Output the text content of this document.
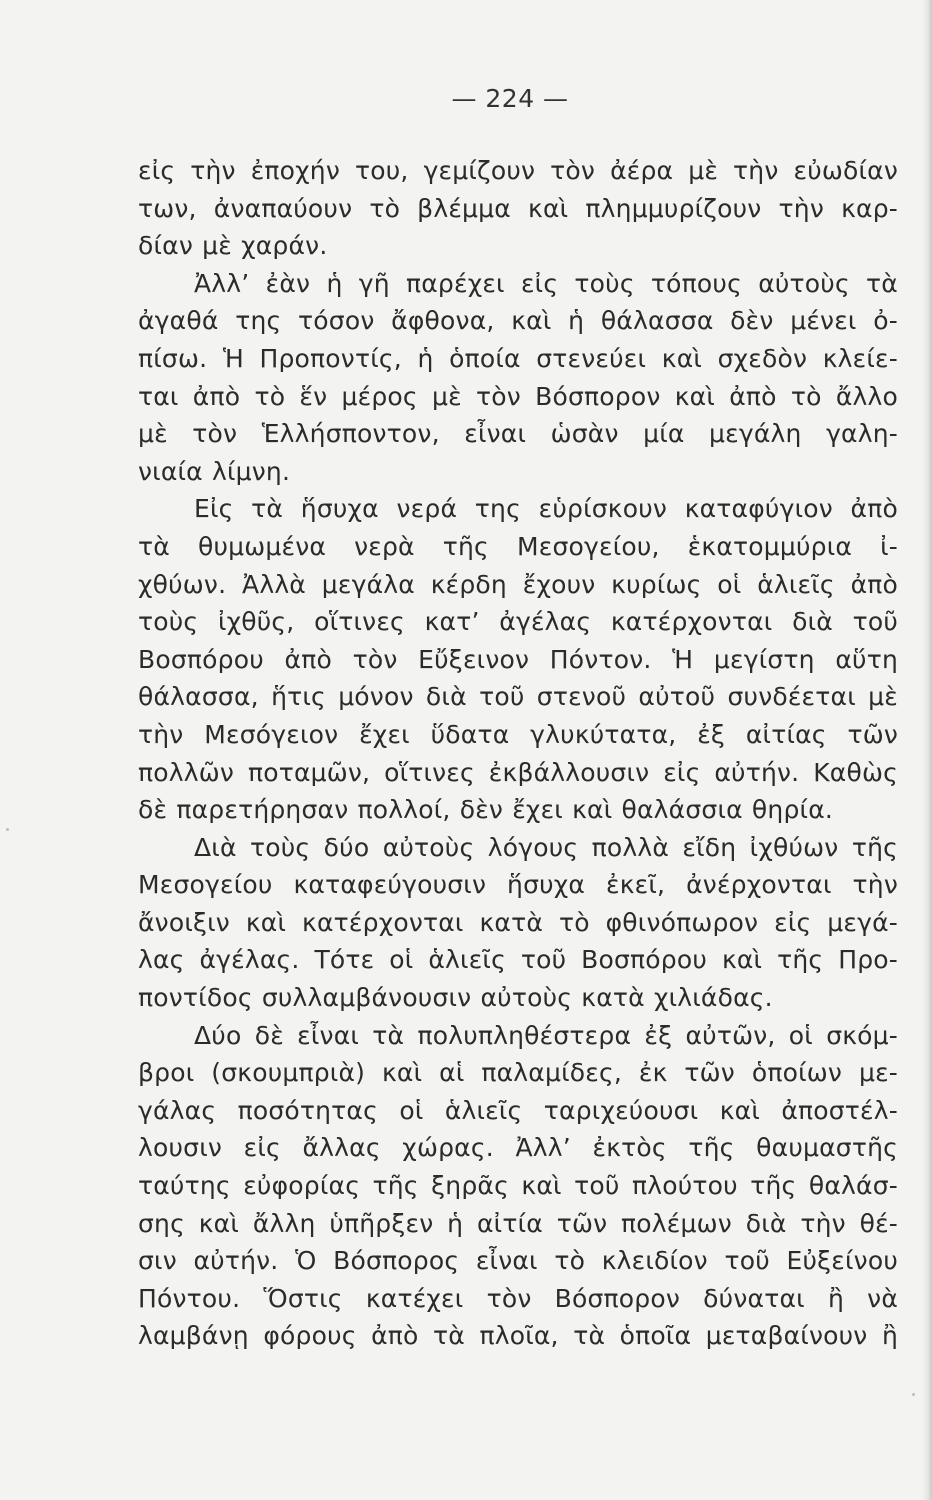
— 224 —
εἰς τὴν ἐποχήν του, γεμίζουν τὸν ἀέρα μὲ τὴν εὐωδίαν
των, ἀναπαύουν τὸ βλέμμα καὶ πλημμυρίζουν τὴν καρ-
δίαν μὲ χαράν.
Ἀλλ’ ἐὰν ἡ γῆ παρέχει εἰς τοὺς τόπους αὐτοὺς τὰ
ἀγαθά της τόσον ἄφθονα, καὶ ἡ θάλασσα δὲν μένει ὀ-
πίσω. Ἡ Προποντίς, ἡ ὁποία στενεύει καὶ σχεδὸν κλείε-
ται ἀπὸ τὸ ἕν μέρος μὲ τὸν Βόσπορον καὶ ἀπὸ τὸ ἄλλο
μὲ τὸν Ἑλλήσποντον, εἶναι ὡσὰν μία μεγάλη γαλη-
νιαία λίμνη.
Εἰς τὰ ἥσυχα νερά της εὑρίσκουν καταφύγιον ἀπὸ
τὰ θυμωμένα νερὰ τῆς Μεσογείου, ἑκατομμύρια ἰ-
χθύων. Ἀλλὰ μεγάλα κέρδη ἔχουν κυρίως οἱ ἁλιεῖς ἀπὸ
τοὺς ἰχθῦς, οἵτινες κατ’ ἀγέλας κατέρχονται διὰ τοῦ
Βοσπόρου ἀπὸ τὸν Εὔξεινον Πόντον. Ἡ μεγίστη αὕτη
θάλασσα, ἥτις μόνον διὰ τοῦ στενοῦ αὐτοῦ συνδέεται μὲ
τὴν Μεσόγειον ἔχει ὕδατα γλυκύτατα, ἐξ αἰτίας τῶν
πολλῶν ποταμῶν, οἵτινες ἐκβάλλουσιν εἰς αὐτήν. Καθὼς
δὲ παρετήρησαν πολλοί, δὲν ἔχει καὶ θαλάσσια θηρία.
Διὰ τοὺς δύο αὐτοὺς λόγους πολλὰ εἴδη ἰχθύων τῆς
Μεσογείου καταφεύγουσιν ἥσυχα ἐκεῖ, ἀνέρχονται τὴν
ἄνοιξιν καὶ κατέρχονται κατὰ τὸ φθινόπωρον εἰς μεγά-
λας ἀγέλας. Τότε οἱ ἁλιεῖς τοῦ Βοσπόρου καὶ τῆς Προ-
ποντίδος συλλαμβάνουσιν αὐτοὺς κατὰ χιλιάδας.
Δύο δὲ εἶναι τὰ πολυπληθέστερα ἐξ αὐτῶν, οἱ σκόμ-
βροι (σκουμπριὰ) καὶ αἱ παλαμίδες, ἐκ τῶν ὁποίων με-
γάλας ποσότητας οἱ ἁλιεῖς ταριχεύουσι καὶ ἀποστέλ-
λουσιν εἰς ἄλλας χώρας. Ἀλλ’ ἐκτὸς τῆς θαυμαστῆς
ταύτης εὐφορίας τῆς ξηρᾶς καὶ τοῦ πλούτου τῆς θαλάσ-
σης καὶ ἄλλη ὑπῆρξεν ἡ αἰτία τῶν πολέμων διὰ τὴν θέ-
σιν αὐτήν. Ὁ Βόσπορος εἶναι τὸ κλειδίον τοῦ Εὐξείνου
Πόντου. Ὅστις κατέχει τὸν Βόσπορον δύναται ἢ νὰ
λαμβάνῃ φόρους ἀπὸ τὰ πλοῖα, τὰ ὁποῖα μεταβαίνουν ἢ
